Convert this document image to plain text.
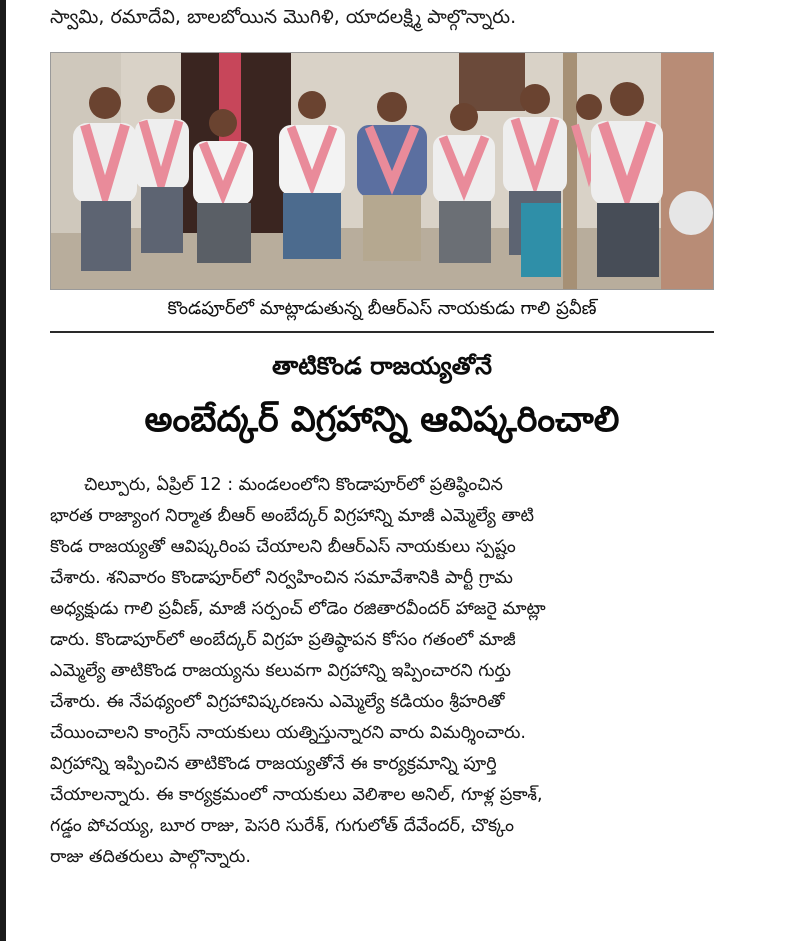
స్వామి, రమాదేవి, బాలబోయిన మొగిళి, యాదలక్ష్మి పాల్గొన్నారు.
కొండపూర్‌లో మాట్లాడుతున్న బీఆర్‌ఎస్ నాయకుడు గాలి ప్రవీణ్
తాటికొండ రాజయ్యతోనే
అంబేద్కర్ విగ్రహాన్ని ఆవిష్కరించాలి
చిల్పూరు, ఏప్రిల్ 12 : మండలంలోని కొండాపూర్‌లో ప్రతిష్ఠించిన
భారత రాజ్యాంగ నిర్మాత బీఆర్ అంబేద్కర్ విగ్రహాన్ని మాజీ ఎమ్మెల్యే తాటి
కొండ రాజయ్యతో ఆవిష్కరింప చేయాలని బీఆర్‌ఎస్ నాయకులు స్పష్టం
చేశారు. శనివారం కొండాపూర్‌లో నిర్వహించిన సమావేశానికి పార్టీ గ్రామ
అధ్యక్షుడు గాలి ప్రవీణ్, మాజీ సర్పంచ్ లోడెం రజితారవీందర్ హాజరై మాట్లా
డారు. కొండాపూర్‌లో అంబేద్కర్ విగ్రహ ప్రతిష్ఠాపన కోసం గతంలో మాజీ
ఎమ్మెల్యే తాటికొండ రాజయ్యను కలువగా విగ్రహాన్ని ఇప్పించారని గుర్తు
చేశారు. ఈ నేపథ్యంలో విగ్రహావిష్కరణను ఎమ్మెల్యే కడియం శ్రీహరితో
చేయించాలని కాంగ్రెస్ నాయకులు యత్నిస్తున్నారని వారు విమర్శించారు.
విగ్రహాన్ని ఇప్పించిన తాటికొండ రాజయ్యతోనే ఈ కార్యక్రమాన్ని పూర్తి
చేయాలన్నారు. ఈ కార్యక్రమంలో నాయకులు వెలిశాల అనిల్, గూళ్ల ప్రకాశ్,
గడ్డం పోచయ్య, బూర రాజు, పెసరి సురేశ్, గుగులోత్ దేవేందర్, చొక్కం
రాజు తదితరులు పాల్గొన్నారు.
